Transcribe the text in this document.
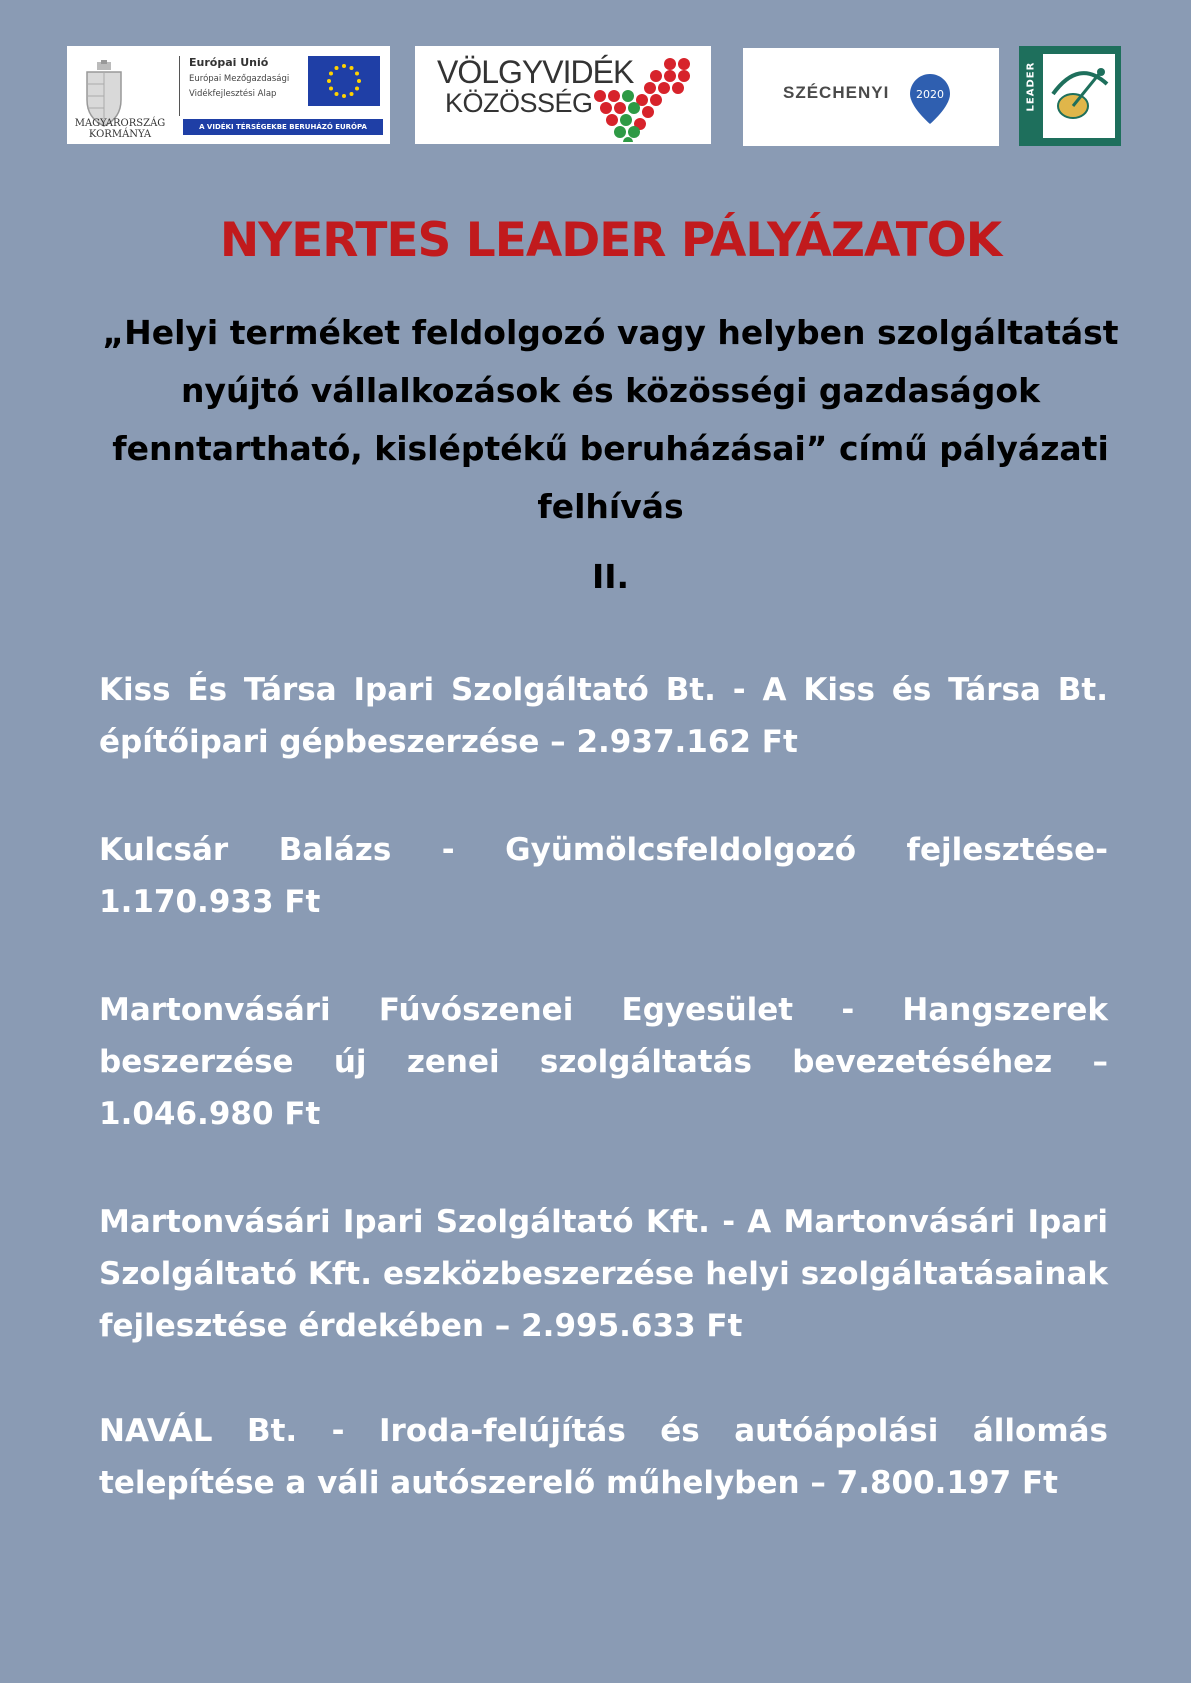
MAGYARORSZÁG
KORMÁNYA
Európai Unió
Európai Mezőgazdasági
Vidékfejlesztési Alap
A VIDÉKI TÉRSÉGEKBE BERUHÁZÓ EURÓPA
VÖLGYVIDÉK
KÖZÖSSÉG	SZÉCHENYI 2020	LEADER
NYERTES LEADER PÁLYÁZATOK
„Helyi terméket feldolgozó vagy helyben szolgáltatást nyújtó vállalkozások és közösségi gazdaságok fenntartható, kisléptékű beruházásai” című pályázati felhívás
II.
Kiss És Társa Ipari Szolgáltató Bt. - A Kiss és Társa Bt. építőipari gépbeszerzése – 2.937.162 Ft
Kulcsár Balázs - Gyümölcsfeldolgozó fejlesztése- 1.170.933 Ft
Martonvásári Fúvószenei Egyesület - Hangszerek beszerzése új zenei szolgáltatás bevezetéséhez – 1.046.980 Ft
Martonvásári Ipari Szolgáltató Kft. - A Martonvásári Ipari Szolgáltató Kft. eszközbeszerzése helyi szolgáltatásainak fejlesztése érdekében – 2.995.633 Ft
NAVÁL Bt. - Iroda-felújítás és autóápolási állomás telepítése a váli autószerelő műhelyben – 7.800.197 Ft
